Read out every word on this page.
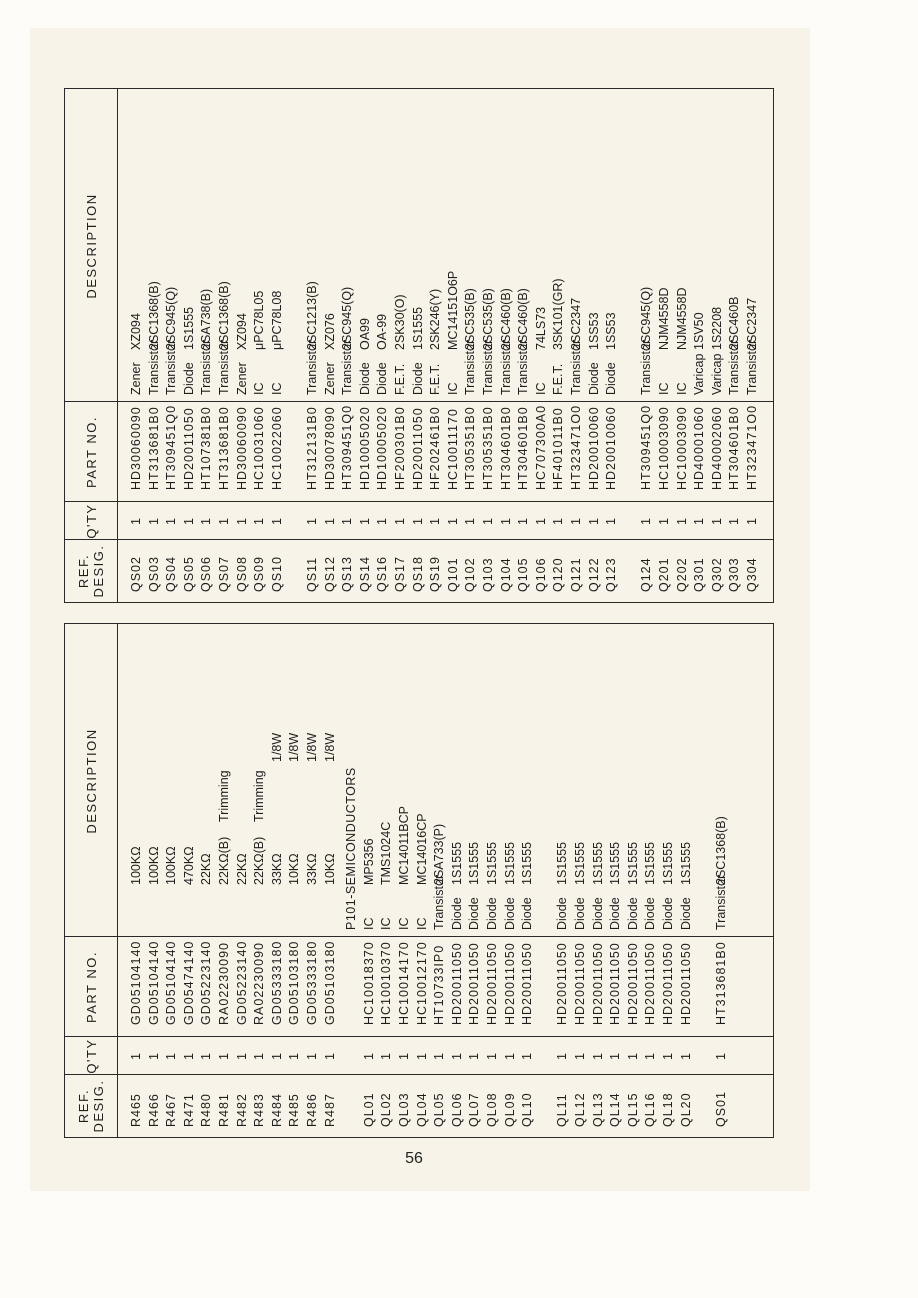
REF.
DESIG.
Q'TY
PART NO.
DESCRIPTION
R465
1
GD05104140
100KΩ
R466
1
GD05104140
100KΩ
R467
1
GD05104140
100KΩ
R471
1
GD05474140
470KΩ
R480
1
GD05223140
22KΩ
R481
1
RA02230090
22KΩ(B)
Trimming
R482
1
GD05223140
22KΩ
R483
1
RA02230090
22KΩ(B)
Trimming
R484
1
GD05333180
33KΩ
1/8W
R485
1
GD05103180
10KΩ
1/8W
R486
1
GD05333180
33KΩ
1/8W
R487
1
GD05103180
10KΩ
1/8W
P101-SEMICONDUCTORS
QL01
1
HC10018370
IC
MP5356
QL02
1
HC10010370
IC
TMS1024C
QL03
1
HC10014170
IC
MC14011BCP
QL04
1
HC10012170
IC
MC14016CP
QL05
1
HT10733IP0
Transistor
2SA733(P)
QL06
1
HD20011050
Diode
1S1555
QL07
1
HD20011050
Diode
1S1555
QL08
1
HD20011050
Diode
1S1555
QL09
1
HD20011050
Diode
1S1555
QL10
1
HD20011050
Diode
1S1555
QL11
1
HD20011050
Diode
1S1555
QL12
1
HD20011050
Diode
1S1555
QL13
1
HD20011050
Diode
1S1555
QL14
1
HD20011050
Diode
1S1555
QL15
1
HD20011050
Diode
1S1555
QL16
1
HD20011050
Diode
1S1555
QL18
1
HD20011050
Diode
1S1555
QL20
1
HD20011050
Diode
1S1555
QS01
1
HT313681B0
Transistor
2SC1368(B)
REF.
DESIG.
Q'TY
PART NO.
DESCRIPTION
QS02
1
HD30060090
Zener
XZ094
QS03
1
HT313681B0
Transistor
2SC1368(B)
QS04
1
HT309451Q0
Transistor
2SC945(Q)
QS05
1
HD20011050
Diode
1S1555
QS06
1
HT107381B0
Transistor
2SA738(B)
QS07
1
HT313681B0
Transistor
2SC1368(B)
QS08
1
HD30060090
Zener
XZ094
QS09
1
HC10031060
IC
μPC78L05
QS10
1
HC10022060
IC
μPC78L08
QS11
1
HT312131B0
Transistor
2SC1213(B)
QS12
1
HD30078090
Zener
XZ076
QS13
1
HT309451Q0
Transistor
2SC945(Q)
QS14
1
HD10005020
Diode
OA99
QS16
1
HD10005020
Diode
OA-99
QS17
1
HF200301B0
F.E.T.
2SK30(O)
QS18
1
HD20011050
Diode
1S1555
QS19
1
HF202461B0
F.E.T.
2SK246(Y)
Q101
1
HC10011170
IC
MC14151O6P
Q102
1
HT305351B0
Transistor
2SC535(B)
Q103
1
HT305351B0
Transistor
2SC535(B)
Q104
1
HT304601B0
Transistor
2SC460(B)
Q105
1
HT304601B0
Transistor
2SC460(B)
Q106
1
HC707300A0
IC
74LS73
Q120
1
HF401011B0
F.E.T.
3SK101(GR)
Q121
1
HT323471O0
Transistor
2SC2347
Q122
1
HD20010060
Diode
1SS53
Q123
1
HD20010060
Diode
1SS53
Q124
1
HT309451Q0
Transistor
2SC945(Q)
Q201
1
HC10003090
IC
NJM4558D
Q202
1
HC10003090
IC
NJM4558D
Q301
1
HD40001060
Varicap
1SV50
Q302
1
HD40002060
Varicap
1S2208
Q303
1
HT304601B0
Transistor
2SC460B
Q304
1
HT323471O0
Transistor
2SC2347
56
